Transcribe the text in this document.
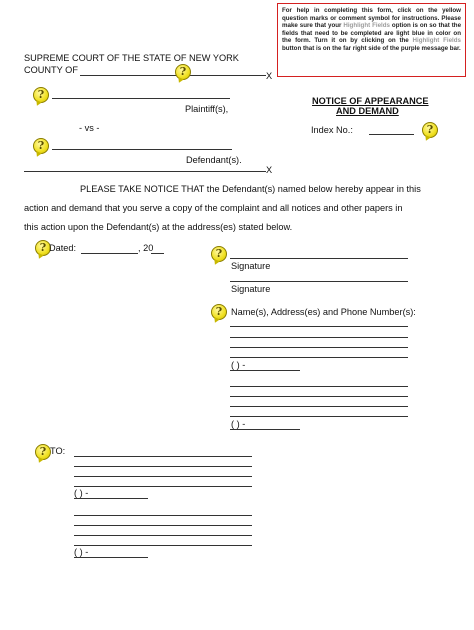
For help in completing this form, click on the yellow question marks or comment symbol for instructions. Please make sure that your Highlight Fields option is on so that the fields that need to be completed are light blue in color on the form. Turn it on by clicking on the Highlight Fields button that is on the far right side of the purple message bar.
SUPREME COURT OF THE STATE OF NEW YORK
COUNTY OF
X
?
?
Plaintiff(s),
- vs -
NOTICE OF APPEARANCE
AND DEMAND
Index No.:	?
?
Defendant(s).
X
PLEASE TAKE NOTICE THAT the Defendant(s) named below hereby appear in this
action and demand that you serve a copy of the complaint and all notices and other papers in
this action upon the Defendant(s) at the address(es) stated below.
? Dated:	, 20	?
Signature
Signature
? Name(s), Address(es) and Phone Number(s):
( ) -
( ) -
? TO:
( ) -
( ) -
